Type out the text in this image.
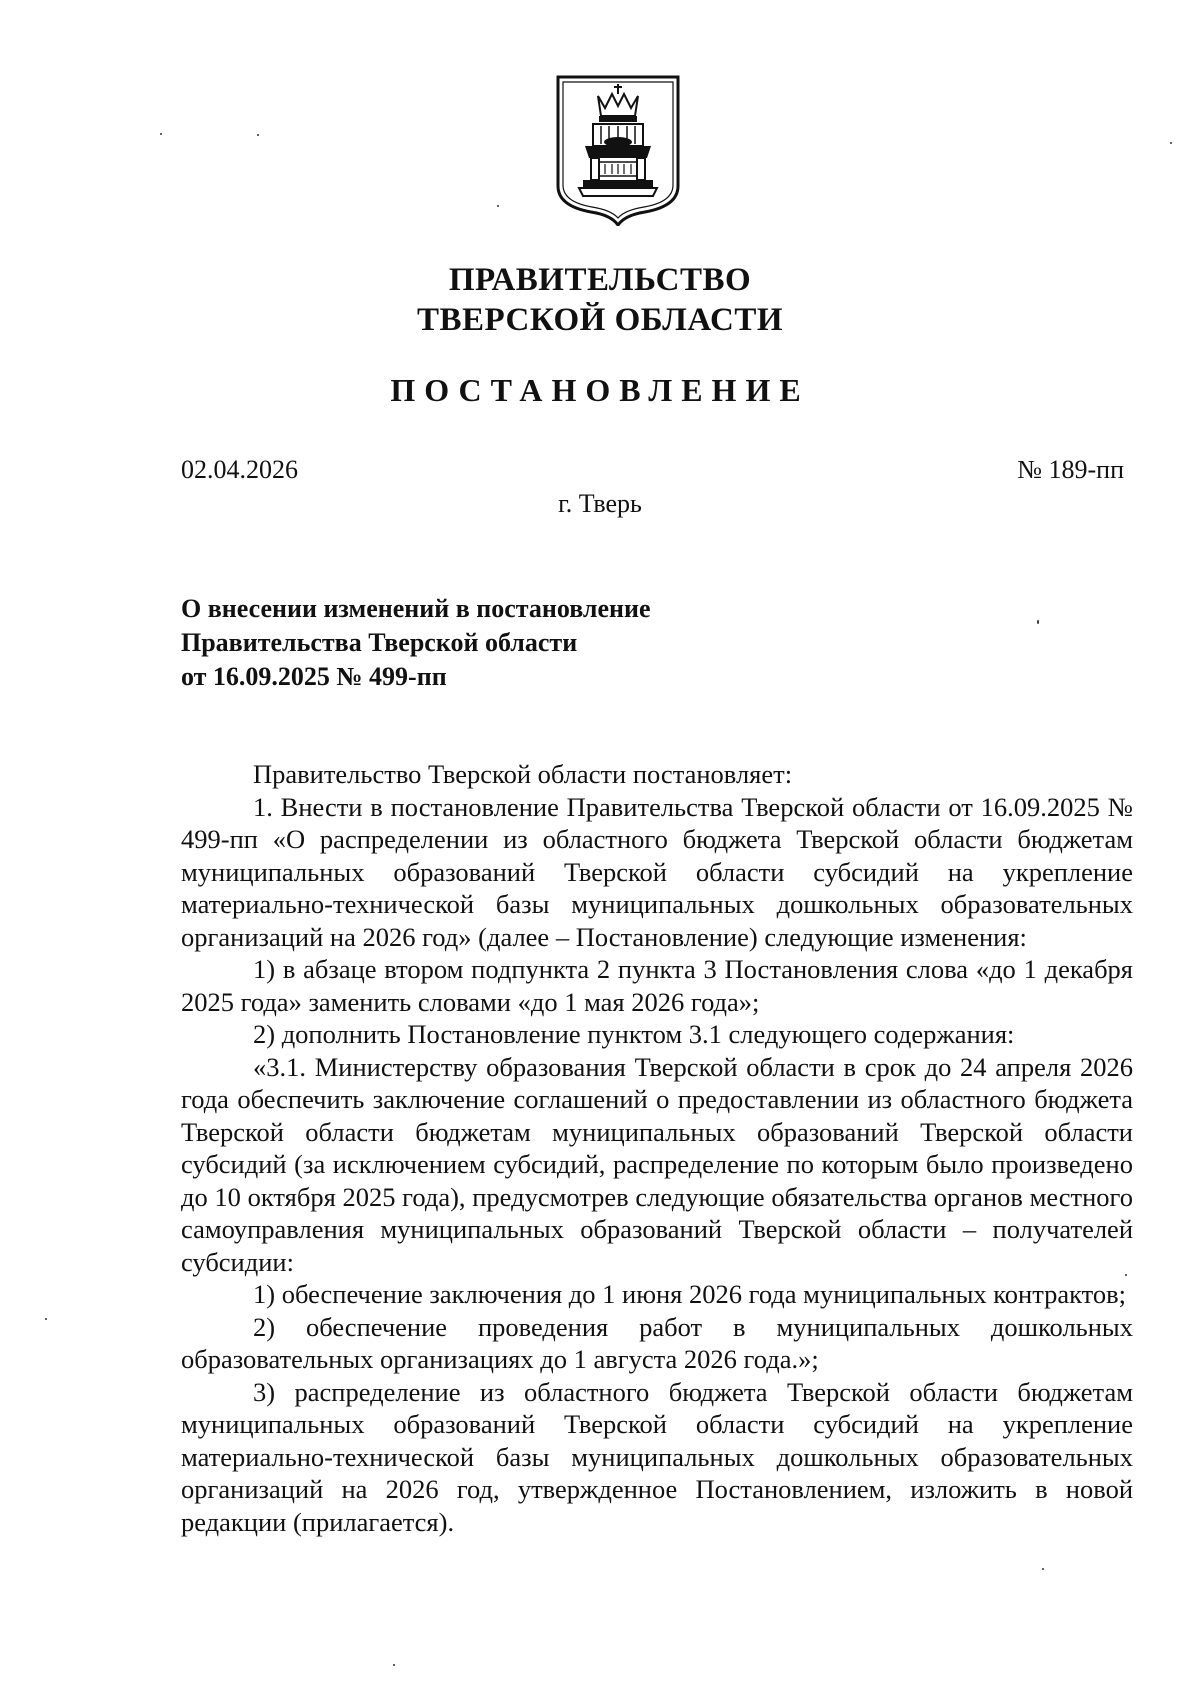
ПРАВИТЕЛЬСТВО
ТВЕРСКОЙ ОБЛАСТИ
ПОСТАНОВЛЕНИЕ
02.04.2026	№ 189-пп
г. Тверь
О внесении изменений в постановление
Правительства Тверской области
от 16.09.2025 № 499-пп

Правительство Тверской области постановляет:

1. Внести в постановление Правительства Тверской области от 16.09.2025 № 499-пп «О распределении из областного бюджета Тверской области бюджетам муниципальных образований Тверской области субсидий на укрепление материально-технической базы муниципальных дошкольных образовательных организаций на 2026 год» (далее – Постановление) следующие изменения:

1) в абзаце втором подпункта 2 пункта 3 Постановления слова «до 1 декабря 2025 года» заменить словами «до 1 мая 2026 года»;

2) дополнить Постановление пунктом 3.1 следующего содержания:

«3.1. Министерству образования Тверской области в срок до 24 апреля 2026 года обеспечить заключение соглашений о предоставлении из областного бюджета Тверской области бюджетам муниципальных образований Тверской области субсидий (за исключением субсидий, распределение по которым было произведено до 10 октября 2025 года), предусмотрев следующие обязательства органов местного самоуправления муниципальных образований Тверской области – получателей субсидии:

1) обеспечение заключения до 1 июня 2026 года муниципальных контрактов;

2) обеспечение проведения работ в муниципальных дошкольных образовательных организациях до 1 августа 2026 года.»;

3) распределение из областного бюджета Тверской области бюджетам муниципальных образований Тверской области субсидий на укрепление материально-технической базы муниципальных дошкольных образовательных организаций на 2026 год, утвержденное Постановлением, изложить в новой редакции (прилагается).
